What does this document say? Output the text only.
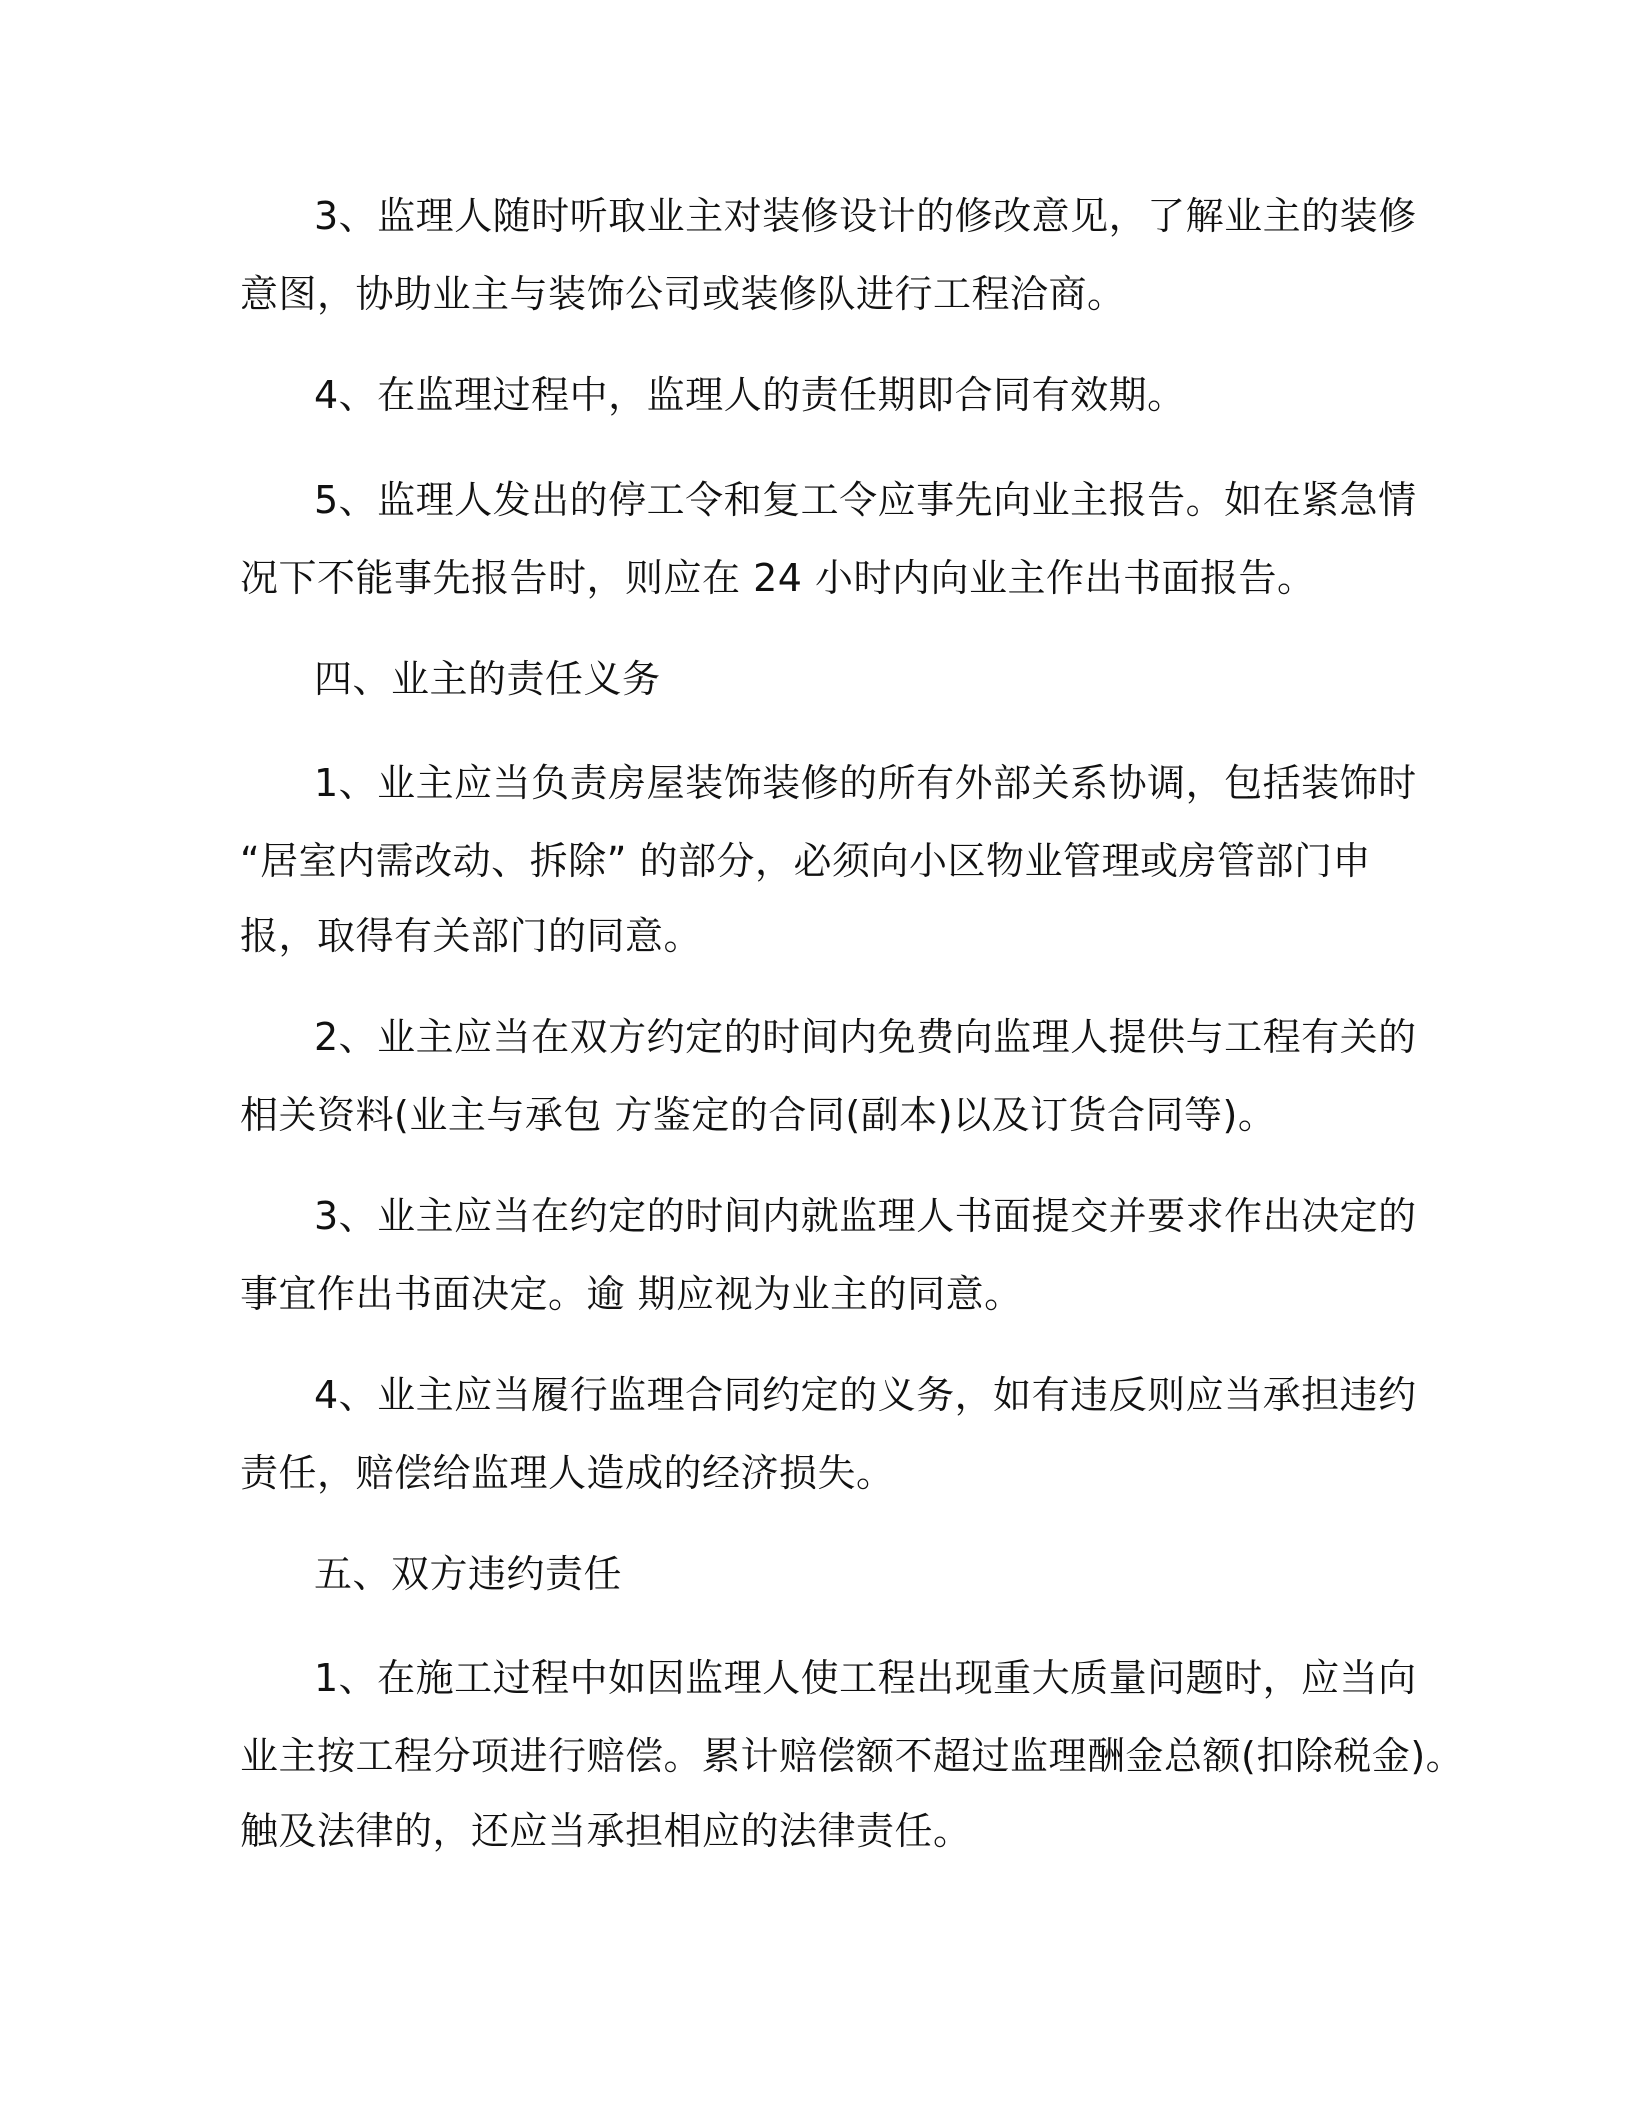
3、监理人随时听取业主对装修设计的修改意见，了解业主的装修

意图，协助业主与装饰公司或装修队进行工程洽商。

4、在监理过程中，监理人的责任期即合同有效期。

5、监理人发出的停工令和复工令应事先向业主报告。如在紧急情

况下不能事先报告时，则应在 24 小时内向业主作出书面报告。

四、业主的责任义务

1、业主应当负责房屋装饰装修的所有外部关系协调，包括装饰时

“居室内需改动、拆除” 的部分，必须向小区物业管理或房管部门申

报，取得有关部门的同意。

2、业主应当在双方约定的时间内免费向监理人提供与工程有关的

相关资料(业主与承包 方鉴定的合同(副本)以及订货合同等)。

3、业主应当在约定的时间内就监理人书面提交并要求作出决定的

事宜作出书面决定。逾 期应视为业主的同意。

4、业主应当履行监理合同约定的义务，如有违反则应当承担违约

责任，赔偿给监理人造成的经济损失。

五、双方违约责任

1、在施工过程中如因监理人使工程出现重大质量问题时，应当向

业主按工程分项进行赔偿。累计赔偿额不超过监理酬金总额(扣除税金)。

触及法律的，还应当承担相应的法律责任。
